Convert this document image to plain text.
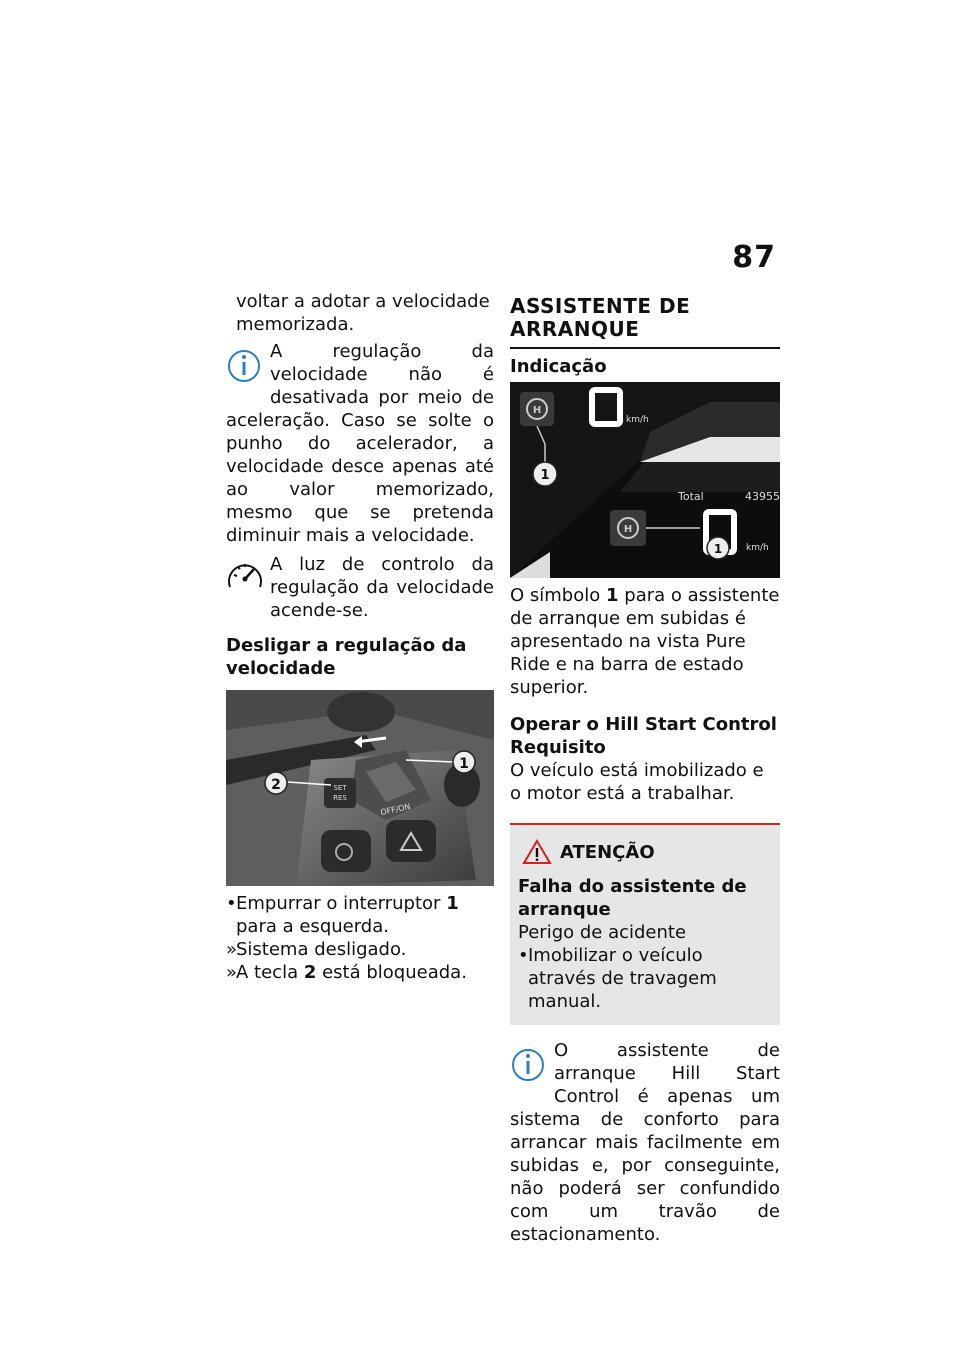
87

voltar a adotar a velocidade

memorizada.

A regulação da velocidade não é desativada por meio de aceleração. Caso se solte o punho do acelerador, a velocidade desce apenas até ao valor memorizado, mesmo que se pretenda diminuir mais a velocidade.
A luz de controlo da regulação da velocidade acende-se.
Desligar a regulação da velocidade
1
2	SET
RES
OFF/ON
• Empurrar o interruptor 1 para a esquerda.
»
Sistema desligado.
»
A tecla 2 está bloqueada.
ASSISTENTE DE ARRANQUE
Indicação
H
km/h
1
Total	43955
H
1	km/h

O símbolo 1 para o assistente de arranque em subidas é apresentado na vista Pure Ride e na barra de estado superior.

Operar o Hill Start Control
Requisito

O veículo está imobilizado e o motor está a trabalhar.

ATENÇÃO

Falha do assistente de arranque

Perigo de acidente

• Imobilizar o veículo através de travagem manual.
O assistente de arranque Hill Start Control é apenas um sistema de conforto para arrancar mais facilmente em subidas e, por conseguinte, não poderá ser confundido com um travão de estacionamento.
